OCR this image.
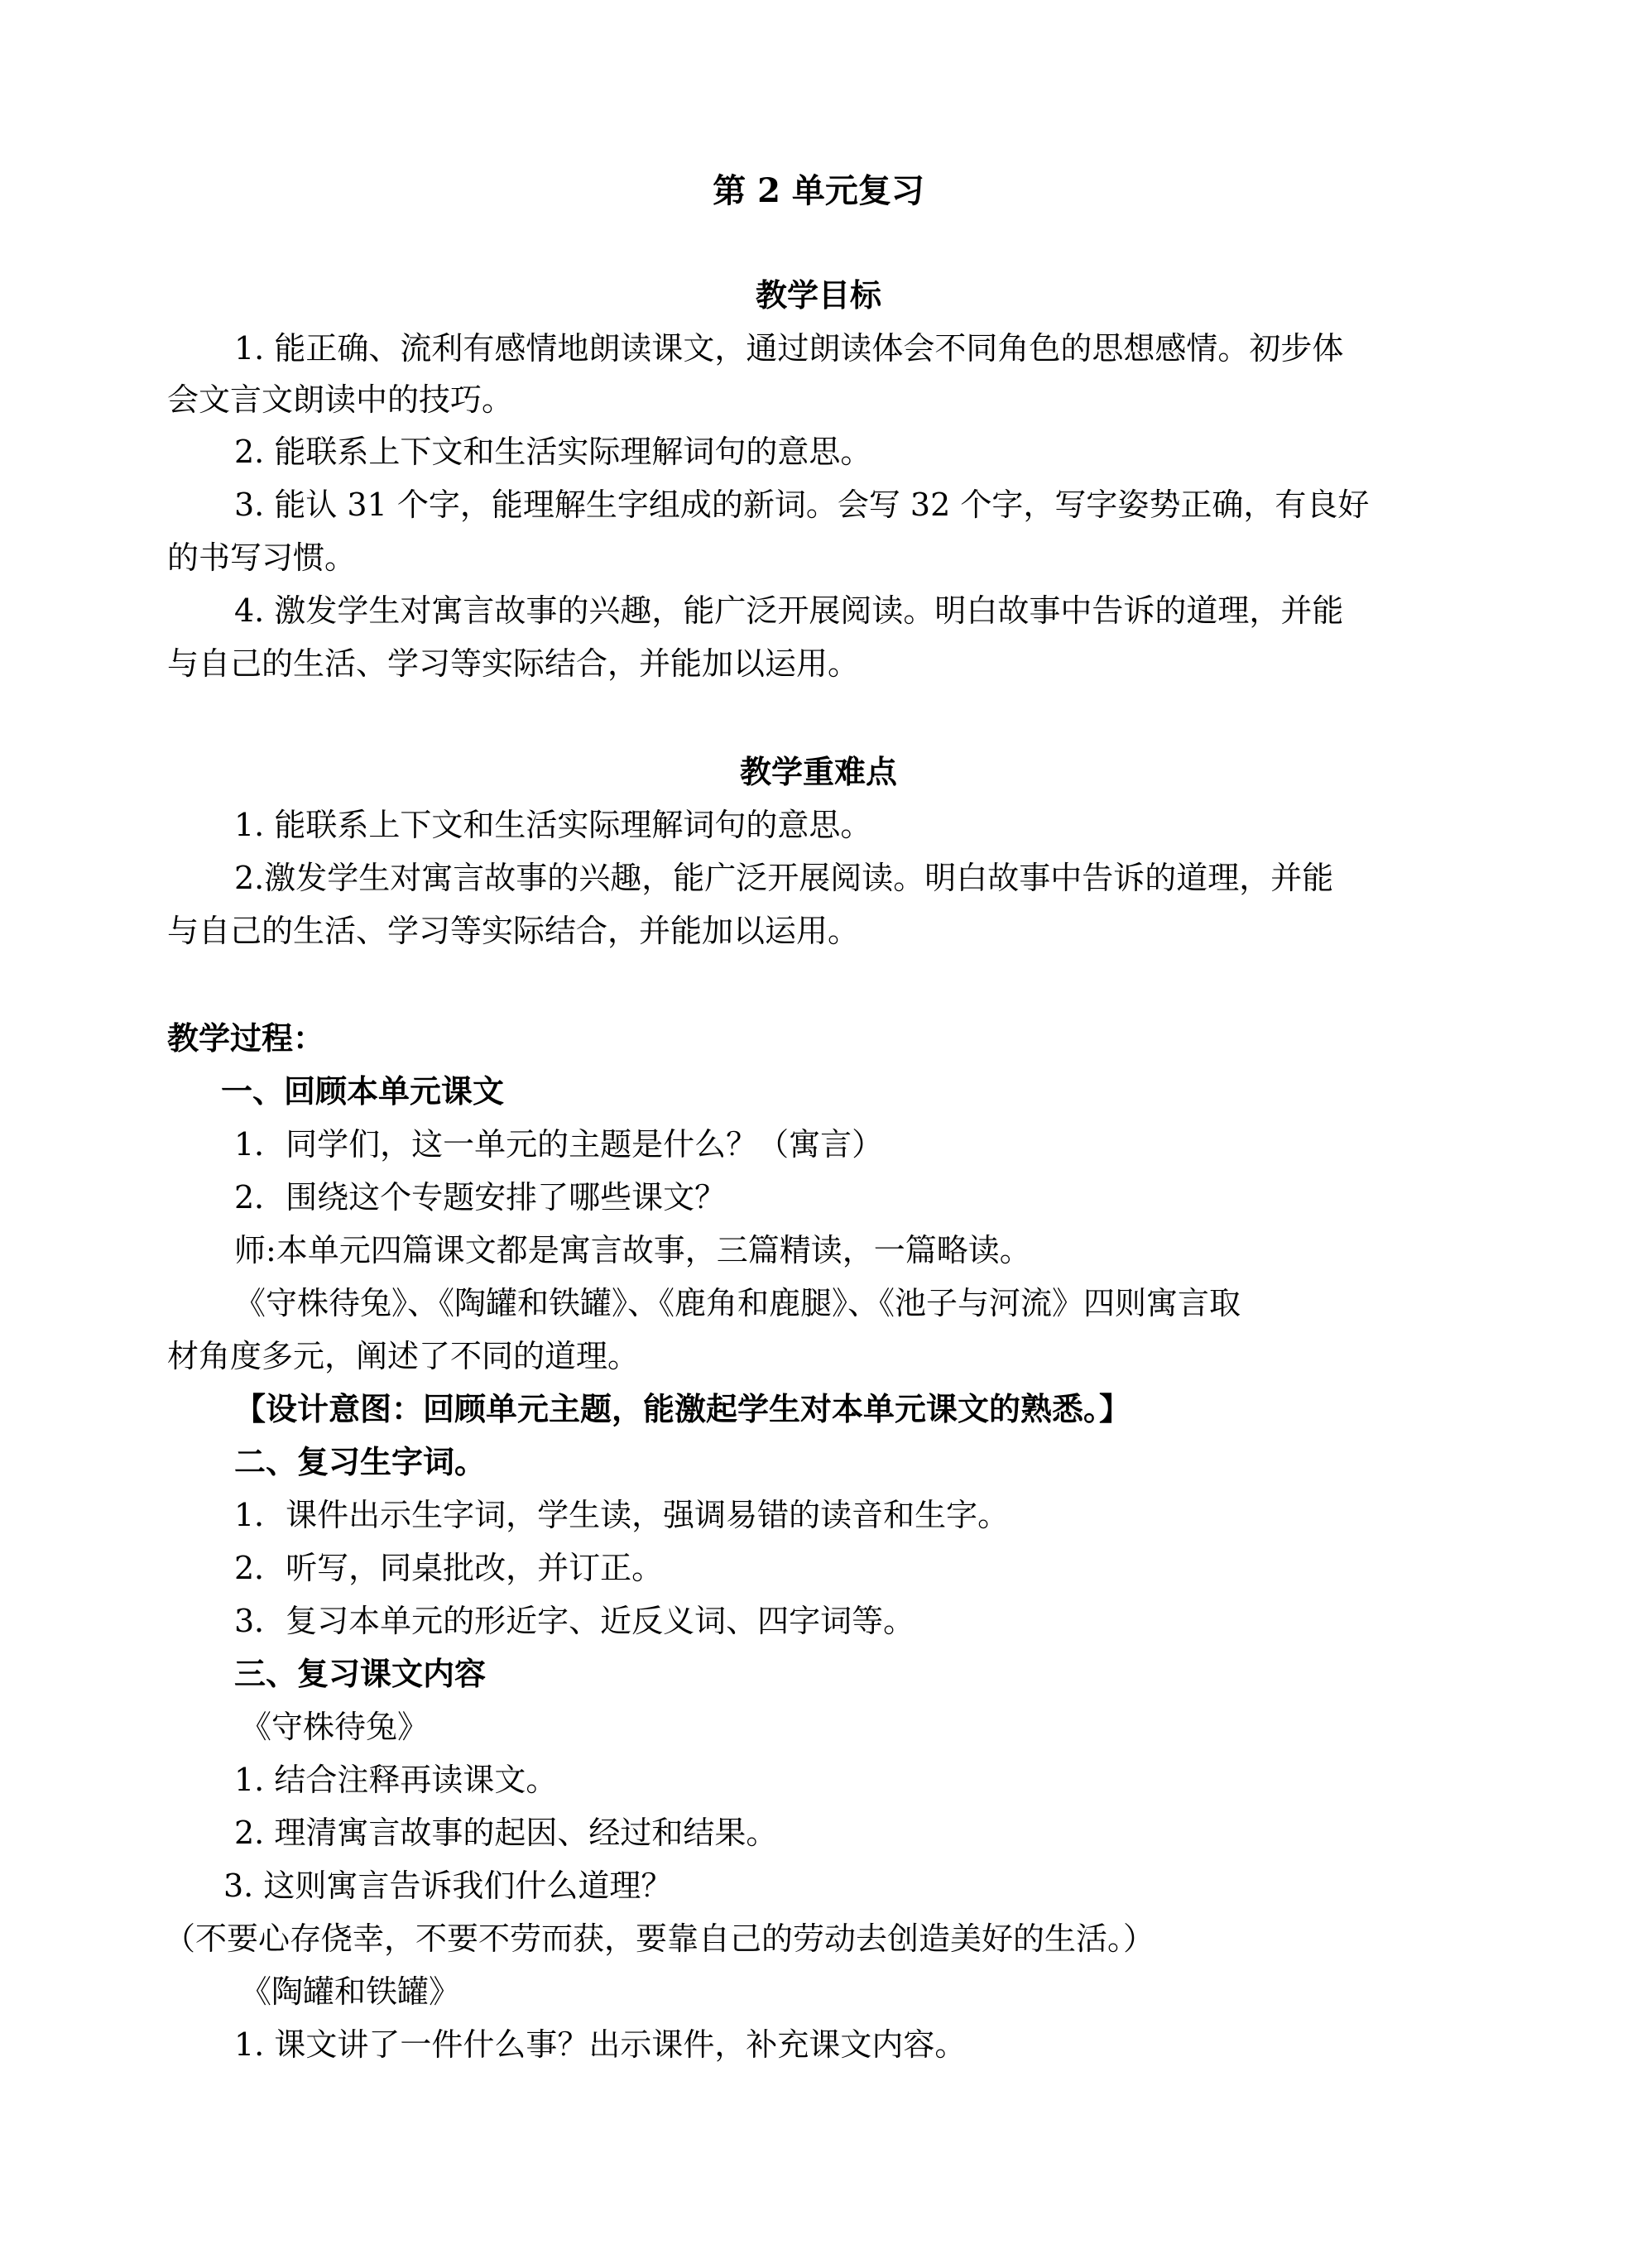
第 2 单元复习
教学目标
1. 能正确、流利有感情地朗读课文，通过朗读体会不同角色的思想感情。初步体
会文言文朗读中的技巧。
2. 能联系上下文和生活实际理解词句的意思。
3. 能认 31 个字，能理解生字组成的新词。会写 32 个字，写字姿势正确，有良好
的书写习惯。
4. 激发学生对寓言故事的兴趣，能广泛开展阅读。明白故事中告诉的道理，并能
与自己的生活、学习等实际结合，并能加以运用。
教学重难点
1. 能联系上下文和生活实际理解词句的意思。
2.激发学生对寓言故事的兴趣，能广泛开展阅读。明白故事中告诉的道理，并能
与自己的生活、学习等实际结合，并能加以运用。
教学过程：
一、回顾本单元课文
1．同学们，这一单元的主题是什么？（寓言）
2．围绕这个专题安排了哪些课文？
师:本单元四篇课文都是寓言故事，三篇精读，一篇略读。
《守株待兔》、《陶罐和铁罐》、《鹿角和鹿腿》、《池子与河流》四则寓言取
材角度多元，阐述了不同的道理。
【设计意图：回顾单元主题，能激起学生对本单元课文的熟悉。】
二、复习生字词。
1．课件出示生字词，学生读，强调易错的读音和生字。
2．听写，同桌批改，并订正。
3．复习本单元的形近字、近反义词、四字词等。
三、复习课文内容
《守株待兔》
1. 结合注释再读课文。
2. 理清寓言故事的起因、经过和结果。
3. 这则寓言告诉我们什么道理？
（不要心存侥幸，不要不劳而获，要靠自己的劳动去创造美好的生活。）
《陶罐和铁罐》
1. 课文讲了一件什么事？出示课件，补充课文内容。
